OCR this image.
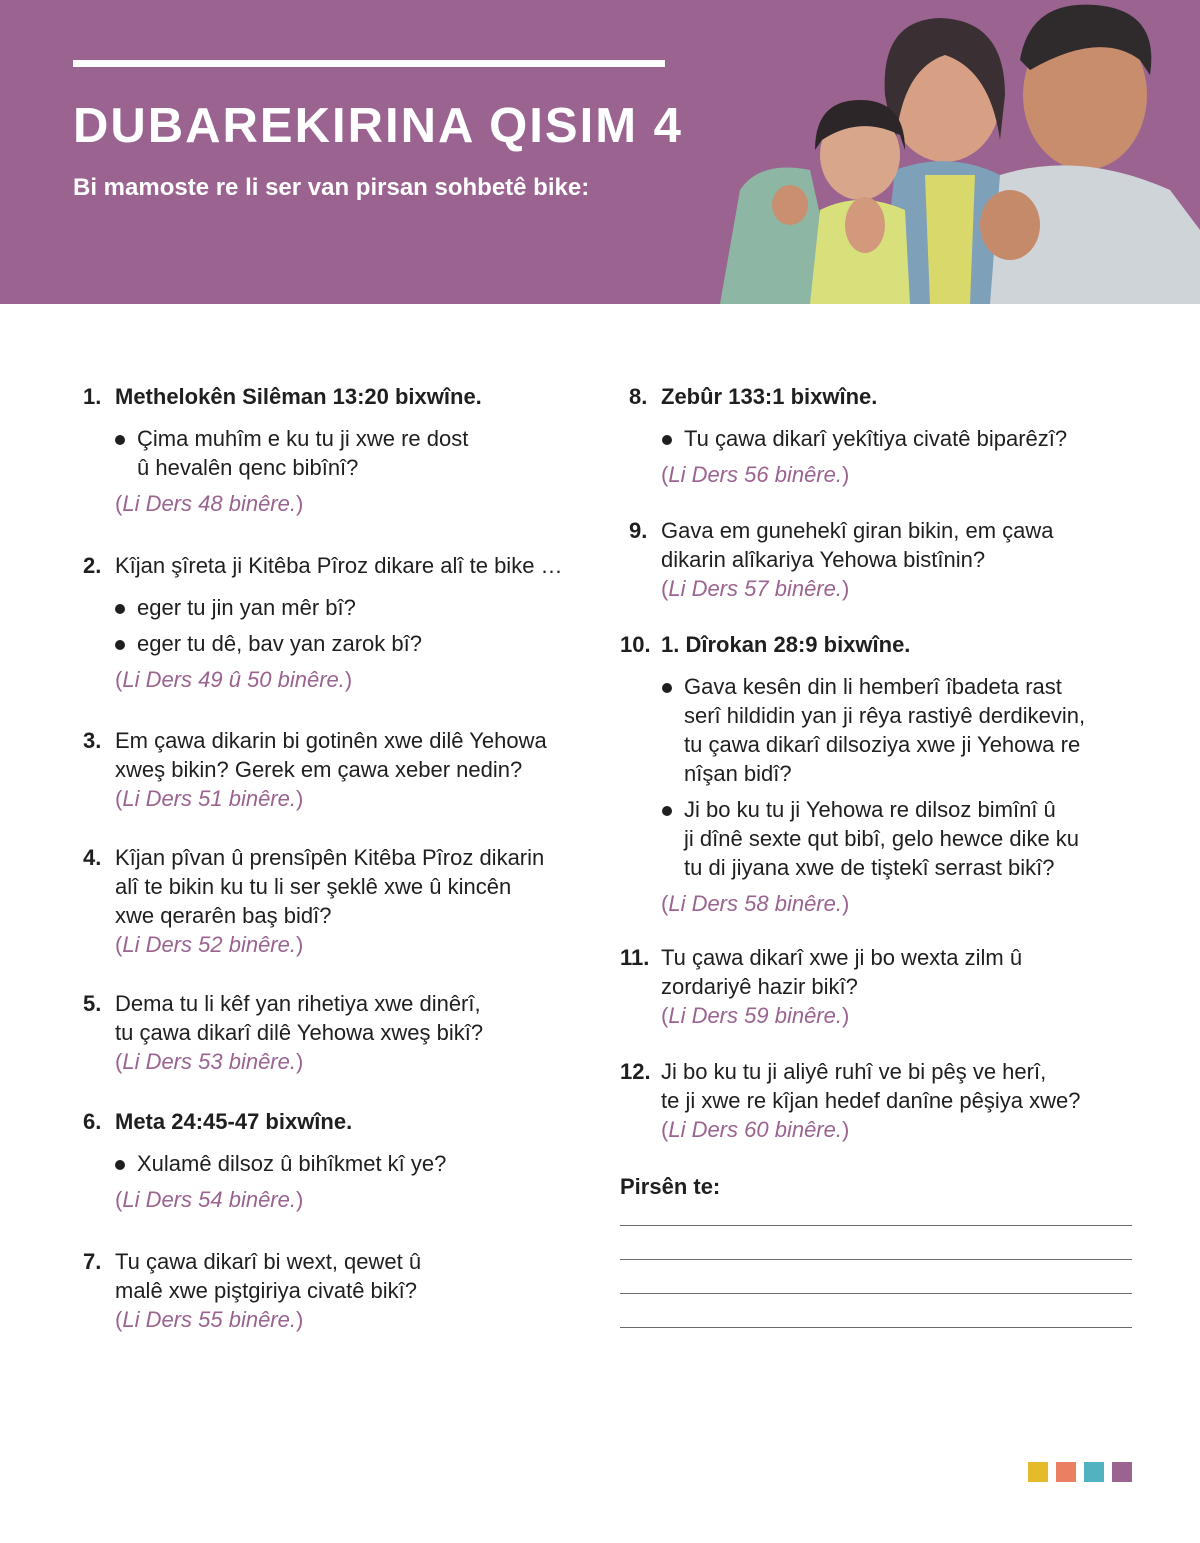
DUBAREKIRINA QISIM 4

Bi mamoste re li ser van pirsan sohbetê bike:

1. Methelokên Silêman 13:20 bixwîne.
Çima muhîm e ku tu ji xwe re dost
û hevalên qenc bibînî?
(Li Ders 48 binêre.)
2. Kîjan şîreta ji Kitêba Pîroz dikare alî te bike …
eger tu jin yan mêr bî?
eger tu dê, bav yan zarok bî?
(Li Ders 49 û 50 binêre.)
3. Em çawa dikarin bi gotinên xwe dilê Yehowa
xweş bikin? Gerek em çawa xeber nedin?
(Li Ders 51 binêre.)
4. Kîjan pîvan û prensîpên Kitêba Pîroz dikarin
alî te bikin ku tu li ser şeklê xwe û kincên
xwe qerarên baş bidî?
(Li Ders 52 binêre.)
5. Dema tu li kêf yan rihetiya xwe dinêrî,
tu çawa dikarî dilê Yehowa xweş bikî?
(Li Ders 53 binêre.)
6. Meta 24:45-47 bixwîne.
Xulamê dilsoz û bihîkmet kî ye?
(Li Ders 54 binêre.)
7. Tu çawa dikarî bi wext, qewet û
malê xwe piştgiriya civatê bikî?
(Li Ders 55 binêre.)
8. Zebûr 133:1 bixwîne.
Tu çawa dikarî yekîtiya civatê biparêzî?
(Li Ders 56 binêre.)
9. Gava em gunehekî giran bikin, em çawa
dikarin alîkariya Yehowa bistînin?
(Li Ders 57 binêre.)
10. 1. Dîrokan 28:9 bixwîne.
Gava kesên din li hemberî îbadeta rast
serî hildidin yan ji rêya rastiyê derdikevin,
tu çawa dikarî dilsoziya xwe ji Yehowa re
nîşan bidî?
Ji bo ku tu ji Yehowa re dilsoz bimînî û
ji dînê sexte qut bibî, gelo hewce dike ku
tu di jiyana xwe de tiştekî serrast bikî?
(Li Ders 58 binêre.)
11. Tu çawa dikarî xwe ji bo wexta zilm û
zordariyê hazir bikî?
(Li Ders 59 binêre.)
12. Ji bo ku tu ji aliyê ruhî ve bi pêş ve herî,
te ji xwe re kîjan hedef danîne pêşiya xwe?
(Li Ders 60 binêre.)
Pirsên te:
